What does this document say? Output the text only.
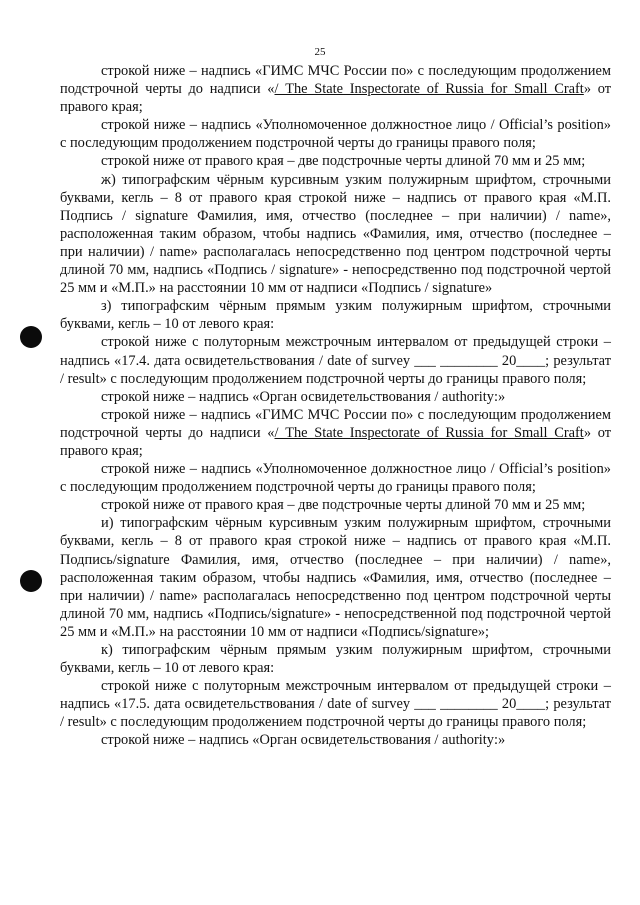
25

строкой ниже – надпись «ГИМС МЧС России по» с последующим продолжением подстрочной черты до надписи «/ The State Inspectorate of Russia for Small Craft» от правого края;

строкой ниже – надпись «Уполномоченное должностное лицо / Official’s position» с последующим продолжением подстрочной черты до границы правого поля;

строкой ниже от правого края – две подстрочные черты длиной 70 мм и 25 мм;

ж) типографским чёрным курсивным узким полужирным шрифтом, строчными буквами, кегль – 8 от правого края строкой ниже – надпись от правого края «М.П. Подпись / signature Фамилия, имя, отчество (последнее – при наличии) / name», расположенная таким образом, чтобы надпись «Фамилия, имя, отчество (последнее – при наличии) / name» располагалась непосредственно под центром подстрочной черты длиной 70 мм, надпись «Подпись / signature» - непосредственно под подстрочной чертой 25 мм и «М.П.» на расстоянии 10 мм от надписи «Подпись / signature»

з) типографским чёрным прямым узким полужирным шрифтом, строчными буквами, кегль – 10 от левого края:

строкой ниже с полуторным межстрочным интервалом от предыдущей строки – надпись «17.4. дата освидетельствования / date of survey ___ ________ 20____; результат / result» с последующим продолжением подстрочной черты до границы правого поля;

строкой ниже – надпись «Орган освидетельствования / authority:»

строкой ниже – надпись «ГИМС МЧС России по» с последующим продолжением подстрочной черты до надписи «/ The State Inspectorate of Russia for Small Craft» от правого края;

строкой ниже – надпись «Уполномоченное должностное лицо / Official’s position» с последующим продолжением подстрочной черты до границы правого поля;

строкой ниже от правого края – две подстрочные черты длиной 70 мм и 25 мм;

и) типографским чёрным курсивным узким полужирным шрифтом, строчными буквами, кегль – 8 от правого края строкой ниже – надпись от правого края «М.П. Подпись/signature Фамилия, имя, отчество (последнее – при наличии) / name», расположенная таким образом, чтобы надпись «Фамилия, имя, отчество (последнее – при наличии) / name» располагалась непосредственно под центром подстрочной черты длиной 70 мм, надпись «Подпись/signature» - непосредственной под подстрочной чертой 25 мм и «М.П.» на расстоянии 10 мм от надписи «Подпись/signature»;

к) типографским чёрным прямым узким полужирным шрифтом, строчными буквами, кегль – 10 от левого края:

строкой ниже с полуторным межстрочным интервалом от предыдущей строки – надпись «17.5. дата освидетельствования / date of survey ___ ________ 20____; результат / result» с последующим продолжением подстрочной черты до границы правого поля;

строкой ниже – надпись «Орган освидетельствования / authority:»
